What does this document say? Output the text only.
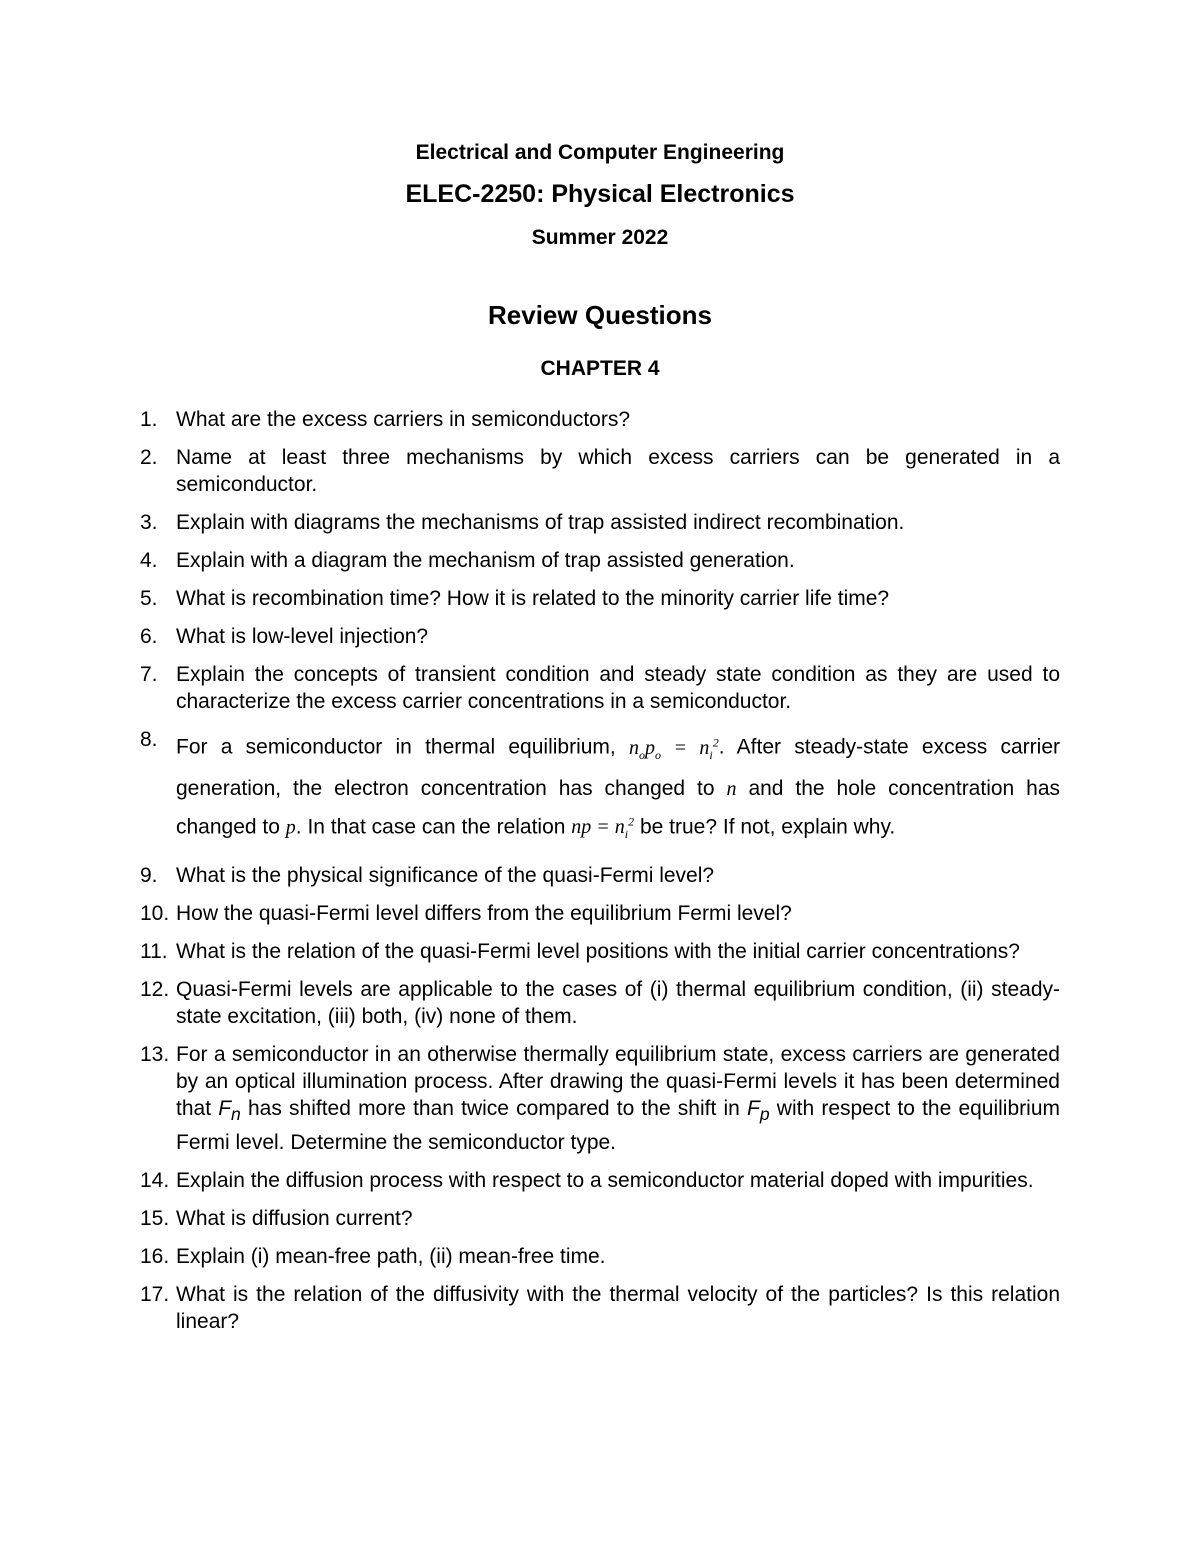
Electrical and Computer Engineering
ELEC-2250: Physical Electronics
Summer 2022
Review Questions
CHAPTER 4
1. What are the excess carriers in semiconductors?
2. Name at least three mechanisms by which excess carriers can be generated in a semiconductor.
3. Explain with diagrams the mechanisms of trap assisted indirect recombination.
4. Explain with a diagram the mechanism of trap assisted generation.
5. What is recombination time? How it is related to the minority carrier life time?
6. What is low-level injection?
7. Explain the concepts of transient condition and steady state condition as they are used to characterize the excess carrier concentrations in a semiconductor.
8. For a semiconductor in thermal equilibrium, $n_op_o = n_i^2$. After steady-state excess carrier generation, the electron concentration has changed to n and the hole concentration has changed to p. In that case can the relation np = $n_i^2$ be true? If not, explain why.
9. What is the physical significance of the quasi-Fermi level?
10. How the quasi-Fermi level differs from the equilibrium Fermi level?
11. What is the relation of the quasi-Fermi level positions with the initial carrier concentrations?
12. Quasi-Fermi levels are applicable to the cases of (i) thermal equilibrium condition, (ii) steady-state excitation, (iii) both, (iv) none of them.
13. For a semiconductor in an otherwise thermally equilibrium state, excess carriers are generated by an optical illumination process. After drawing the quasi-Fermi levels it has been determined that $F_n$ has shifted more than twice compared to the shift in $F_p$ with respect to the equilibrium Fermi level. Determine the semiconductor type.
14. Explain the diffusion process with respect to a semiconductor material doped with impurities.
15. What is diffusion current?
16. Explain (i) mean-free path, (ii) mean-free time.
17. What is the relation of the diffusivity with the thermal velocity of the particles? Is this relation linear?
